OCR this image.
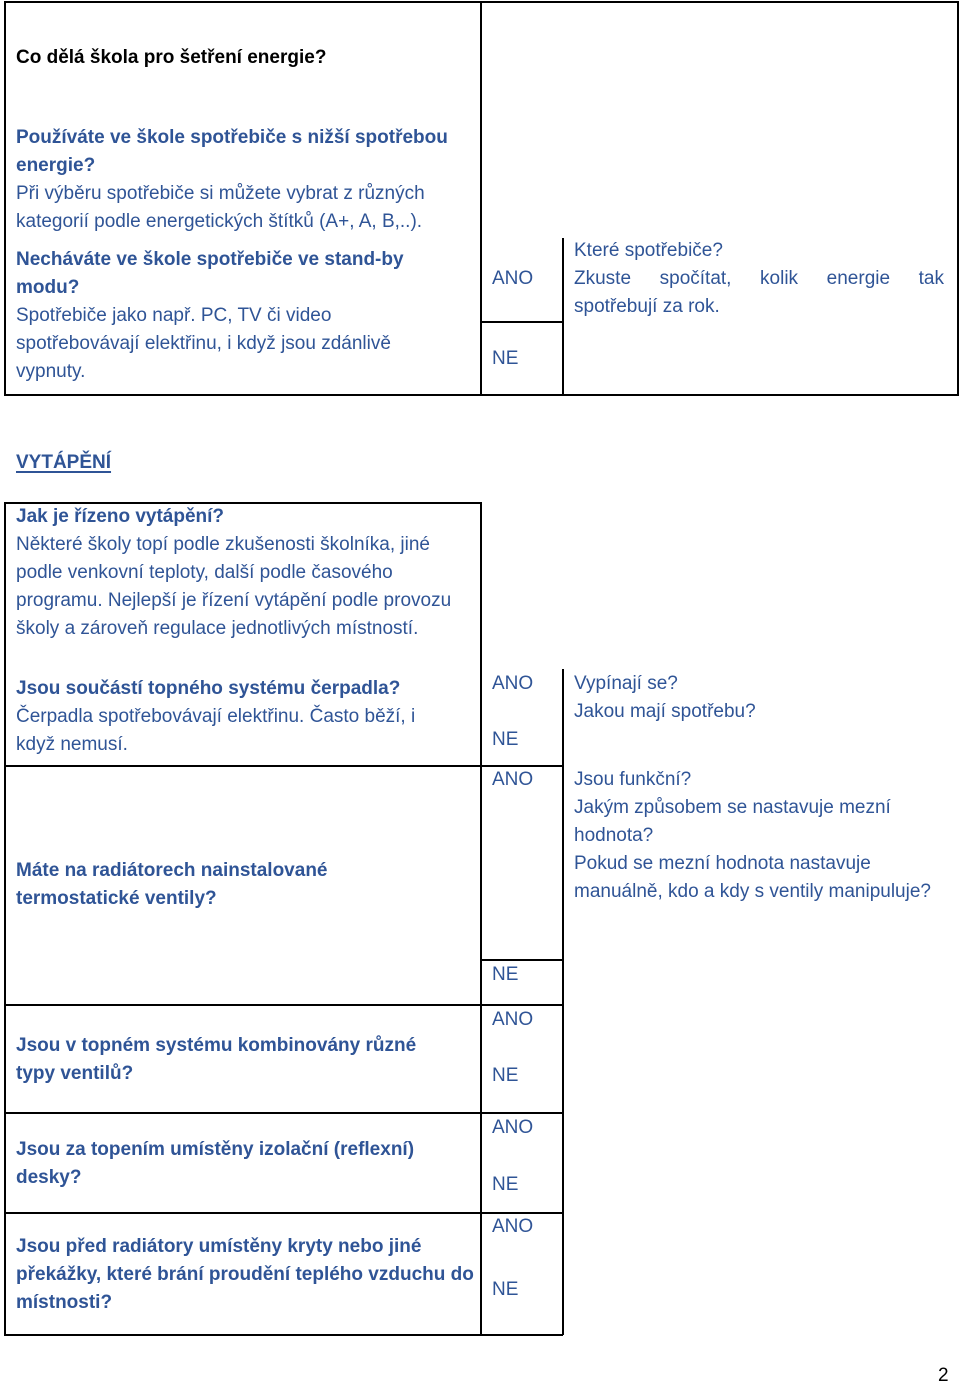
Co dělá škola pro šetření energie?

Používáte ve škole spotřebiče s nižší spotřebou energie?

Při výběru spotřebiče si můžete vybrat z různých kategorií podle energetických štítků (A+, A, B,..).

Necháváte ve škole spotřebiče ve stand-by modu?

Spotřebiče jako např. PC, TV či video spotřebovávají elektřinu, i když jsou zdánlivě vypnuty.

ANO
NE

Které spotřebiče?

Zkuste spočítat, kolik energie tak

spotřebují za rok.

VYTÁPĚNÍ

Jak je řízeno vytápění?

Některé školy topí podle zkušenosti školníka, jiné podle venkovní teploty, další podle časového programu. Nejlepší je řízení vytápění podle provozu školy a zároveň regulace jednotlivých místností.

Jsou součástí topného systému čerpadla?

Čerpadla spotřebovávají elektřinu. Často běží, i když nemusí.

ANO
NE

Vypínají se?

Jakou mají spotřebu?

Máte na radiátorech nainstalované termostatické ventily?
ANO
NE

Jsou funkční?

Jakým způsobem se nastavuje mezní hodnota?

Pokud se mezní hodnota nastavuje manuálně, kdo a kdy s ventily manipuluje?

Jsou v topném systému kombinovány různé typy ventilů?
ANO
NE
Jsou za topením umístěny izolační (reflexní) desky?
ANO
NE
Jsou před radiátory umístěny kryty nebo jiné překážky, které brání proudění teplého vzduchu do místnosti?
ANO
NE
2
